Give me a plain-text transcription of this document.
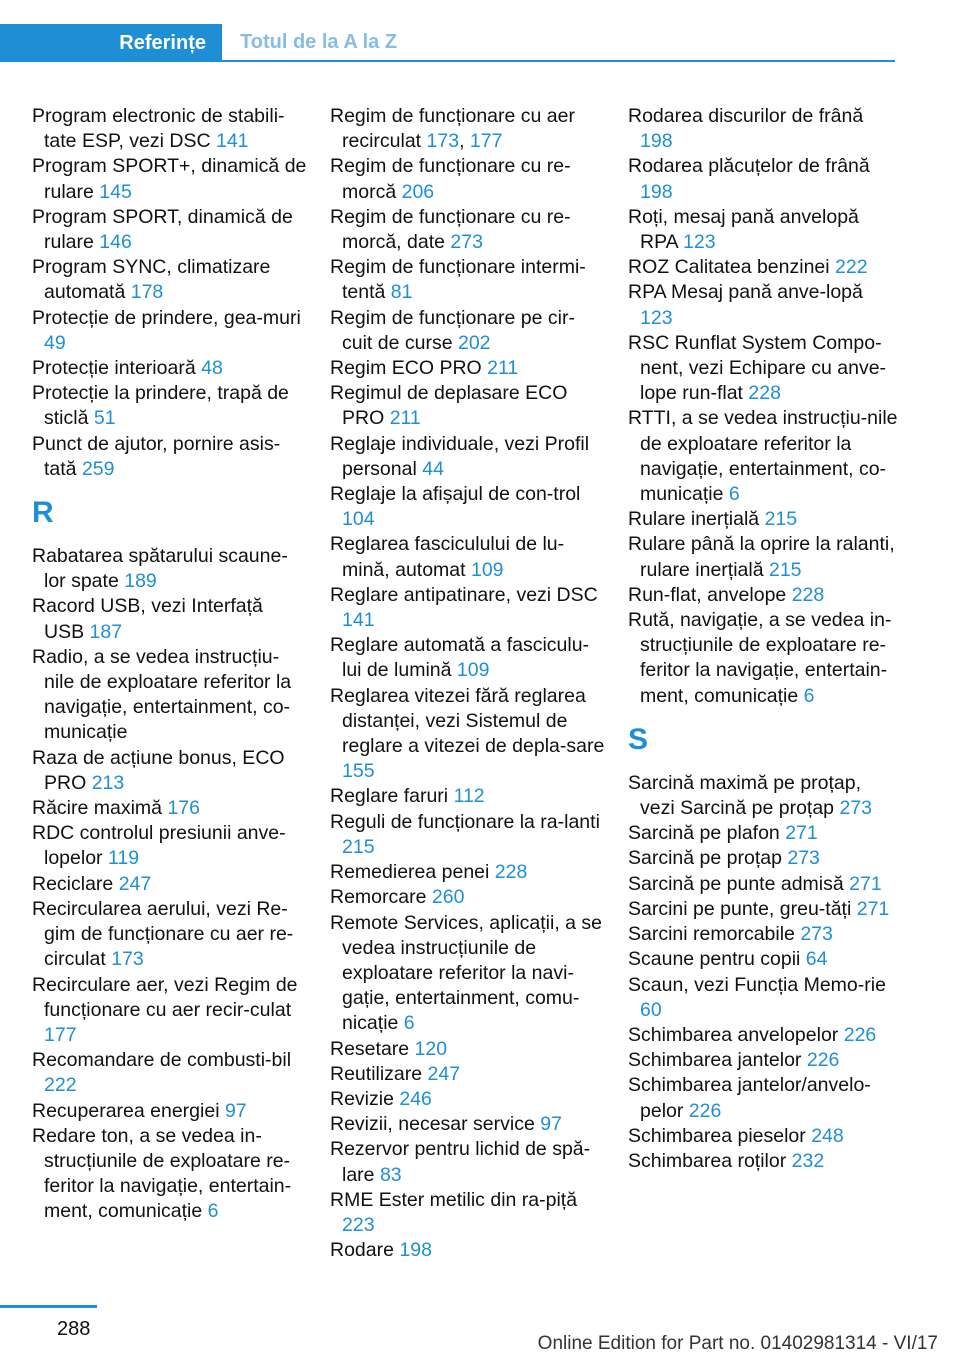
Referințe	Totul de la A la Z
Program electronic de stabili-tate ESP, vezi DSC 141
Program SPORT+, dinamică de rulare 145
Program SPORT, dinamică de rulare 146
Program SYNC, climatizare automată 178
Protecție de prindere, gea-muri 49
Protecție interioară 48
Protecție la prindere, trapă de sticlă 51
Punct de ajutor, pornire asis-tată 259
R
Rabatarea spătarului scaune-lor spate 189
Racord USB, vezi Interfață USB 187
Radio, a se vedea instrucțiu-nile de exploatare referitor la navigație, entertainment, co-municație
Raza de acțiune bonus, ECO PRO 213
Răcire maximă 176
RDC controlul presiunii anve-lopelor 119
Reciclare 247
Recircularea aerului, vezi Re-gim de funcționare cu aer re-circulat 173
Recirculare aer, vezi Regim de funcționare cu aer recir-culat 177
Recomandare de combusti-bil 222
Recuperarea energiei 97
Redare ton, a se vedea in-strucțiunile de exploatare re-feritor la navigație, entertain-ment, comunicație 6
Regim de funcționare cu aer recirculat 173, 177
Regim de funcționare cu re-morcă 206
Regim de funcționare cu re-morcă, date 273
Regim de funcționare intermi-tentă 81
Regim de funcționare pe cir-cuit de curse 202
Regim ECO PRO 211
Regimul de deplasare ECO PRO 211
Reglaje individuale, vezi Profil personal 44
Reglaje la afișajul de con-trol 104
Reglarea fasciculului de lu-mină, automat 109
Reglare antipatinare, vezi DSC 141
Reglare automată a fasciculu-lui de lumină 109
Reglarea vitezei fără reglarea distanței, vezi Sistemul de reglare a vitezei de depla-sare 155
Reglare faruri 112
Reguli de funcționare la ra-lanti 215
Remedierea penei 228
Remorcare 260
Remote Services, aplicații, a se vedea instrucțiunile de exploatare referitor la navi-gație, entertainment, comu-nicație 6
Resetare 120
Reutilizare 247
Revizie 246
Revizii, necesar service 97
Rezervor pentru lichid de spă-lare 83
RME Ester metilic din ra-piță 223
Rodare 198
Rodarea discurilor de frână 198
Rodarea plăcuțelor de frână 198
Roți, mesaj pană anvelopă RPA 123
ROZ Calitatea benzinei 222
RPA Mesaj pană anve-lopă 123
RSC Runflat System Compo-nent, vezi Echipare cu anve-lope run-flat 228
RTTI, a se vedea instrucțiu-nile de exploatare referitor la navigație, entertainment, co-municație 6
Rulare inerțială 215
Rulare până la oprire la ralanti, rulare inerțială 215
Run-flat, anvelope 228
Rută, navigație, a se vedea in-strucțiunile de exploatare re-feritor la navigație, entertain-ment, comunicație 6
S
Sarcină maximă pe proțap, vezi Sarcină pe proțap 273
Sarcină pe plafon 271
Sarcină pe proțap 273
Sarcină pe punte admisă 271
Sarcini pe punte, greu-tăți 271
Sarcini remorcabile 273
Scaune pentru copii 64
Scaun, vezi Funcția Memo-rie 60
Schimbarea anvelopelor 226
Schimbarea jantelor 226
Schimbarea jantelor/anvelo-pelor 226
Schimbarea pieselor 248
Schimbarea roților 232
288
Online Edition for Part no. 01402981314 - VI/17
